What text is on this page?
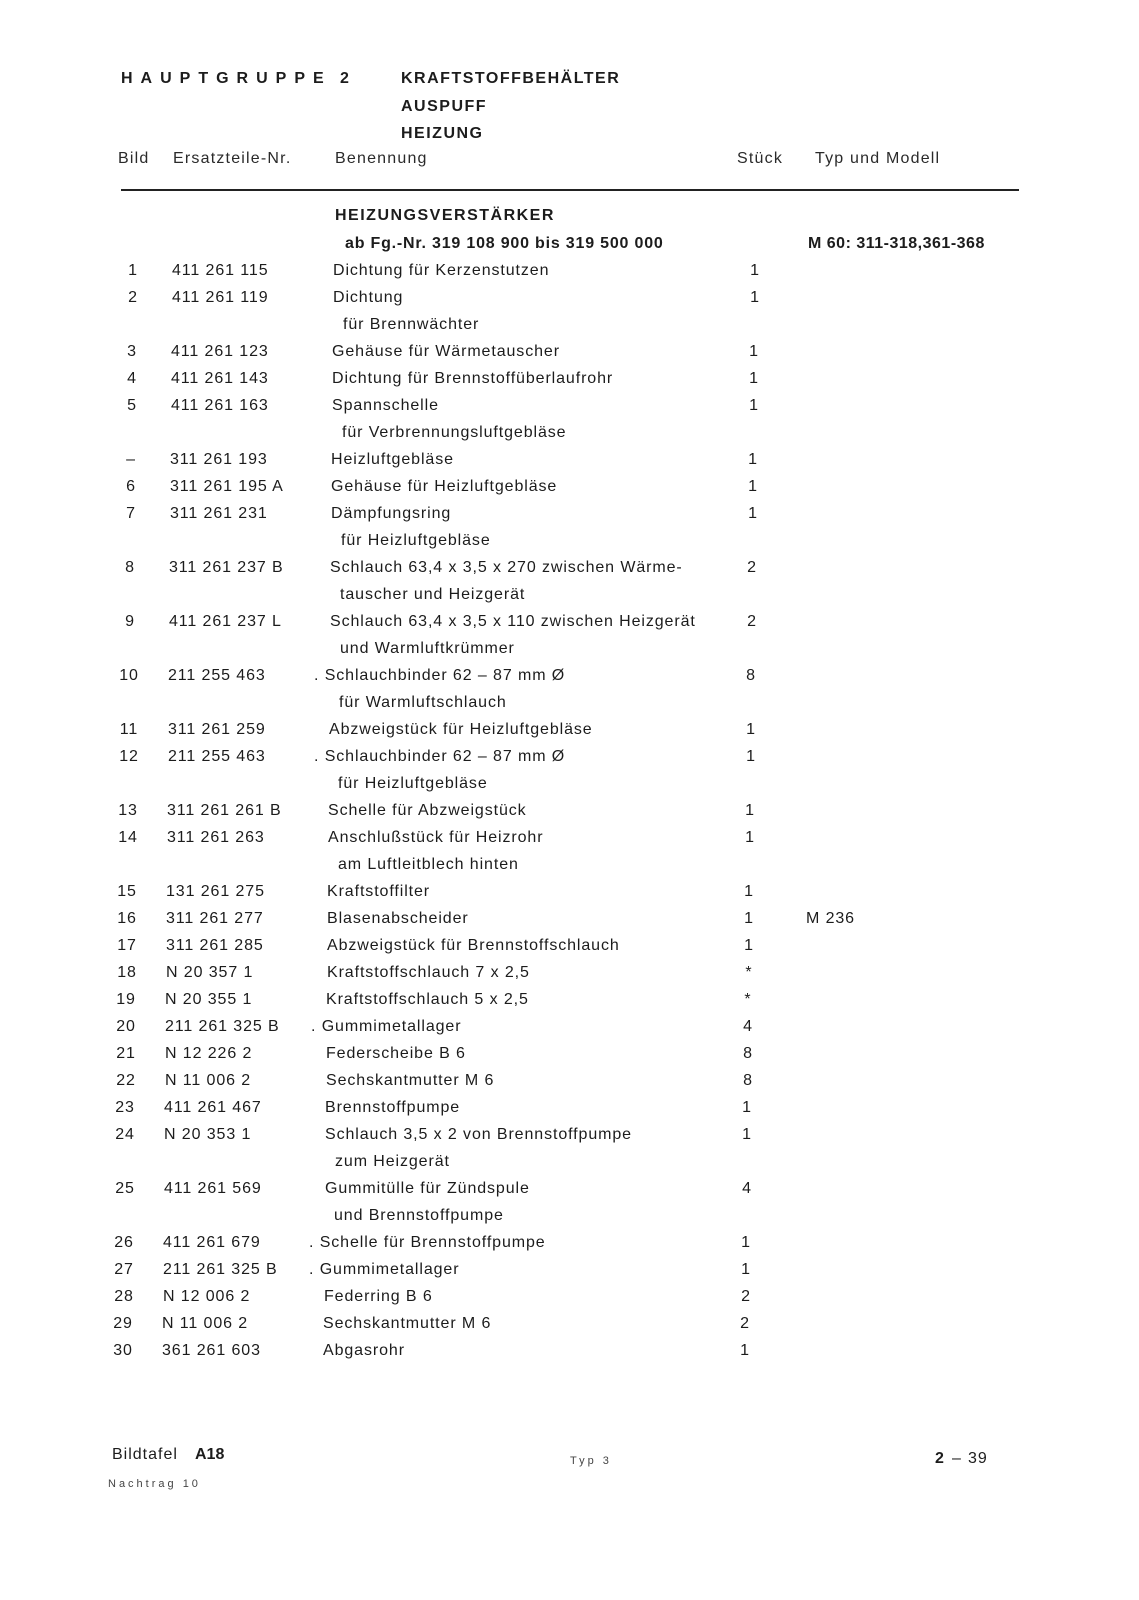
HAUPTGRUPPE 2	KRAFTSTOFFBEHÄLTER
AUSPUFF
HEIZUNG
Bild Ersatzteile-Nr.	Benennung	Stück Typ und Modell
HEIZUNGSVERSTÄRKER
ab Fg.-Nr. 319 108 900 bis 319 500 000	M 60: 311-318,361-368
1	411 261 115	Dichtung für Kerzenstutzen	1
2	411 261 119	Dichtung	1
für Brennwächter
3	411 261 123	Gehäuse für Wärmetauscher	1
4	411 261 143	Dichtung für Brennstoffüberlaufrohr	1
5	411 261 163	Spannschelle	1
für Verbrennungsluftgebläse
–	311 261 193	Heizluftgebläse	1
6	311 261 195 A	Gehäuse für Heizluftgebläse	1
7	311 261 231	Dämpfungsring	1
für Heizluftgebläse
8	311 261 237 B	Schlauch 63,4 x 3,5 x 270 zwischen Wärme-	2
tauscher und Heizgerät
9	411 261 237 L	Schlauch 63,4 x 3,5 x 110 zwischen Heizgerät	2
und Warmluftkrümmer
10	211 255 463	. Schlauchbinder 62 – 87 mm Ø	8
für Warmluftschlauch
11	311 261 259	Abzweigstück für Heizluftgebläse	1
12	211 255 463	. Schlauchbinder 62 – 87 mm Ø	1
für Heizluftgebläse
13	311 261 261 B	Schelle für Abzweigstück	1
14	311 261 263	Anschlußstück für Heizrohr	1
am Luftleitblech hinten
15	131 261 275	Kraftstoffilter	1
16	311 261 277	Blasenabscheider	1	M 236
17	311 261 285	Abzweigstück für Brennstoffschlauch	1
18	N 20 357 1	Kraftstoffschlauch 7 x 2,5	*
19	N 20 355 1	Kraftstoffschlauch 5 x 2,5	*
20	211 261 325 B . Gummimetallager	4
21	N 12 226 2	Federscheibe B 6	8
22	N 11 006 2	Sechskantmutter M 6	8
23	411 261 467	Brennstoffpumpe	1
24	N 20 353 1	Schlauch 3,5 x 2 von Brennstoffpumpe	1
zum Heizgerät
25	411 261 569	Gummitülle für Zündspule	4
und Brennstoffpumpe
26	411 261 679	. Schelle für Brennstoffpumpe	1
27	211 261 325 B . Gummimetallager	1
28	N 12 006 2	Federring B 6	2
29	N 11 006 2	Sechskantmutter M 6	2
30	361 261 603	Abgasrohr	1
Bildtafel A18
Nachtrag 10
Typ 3	2 – 39
